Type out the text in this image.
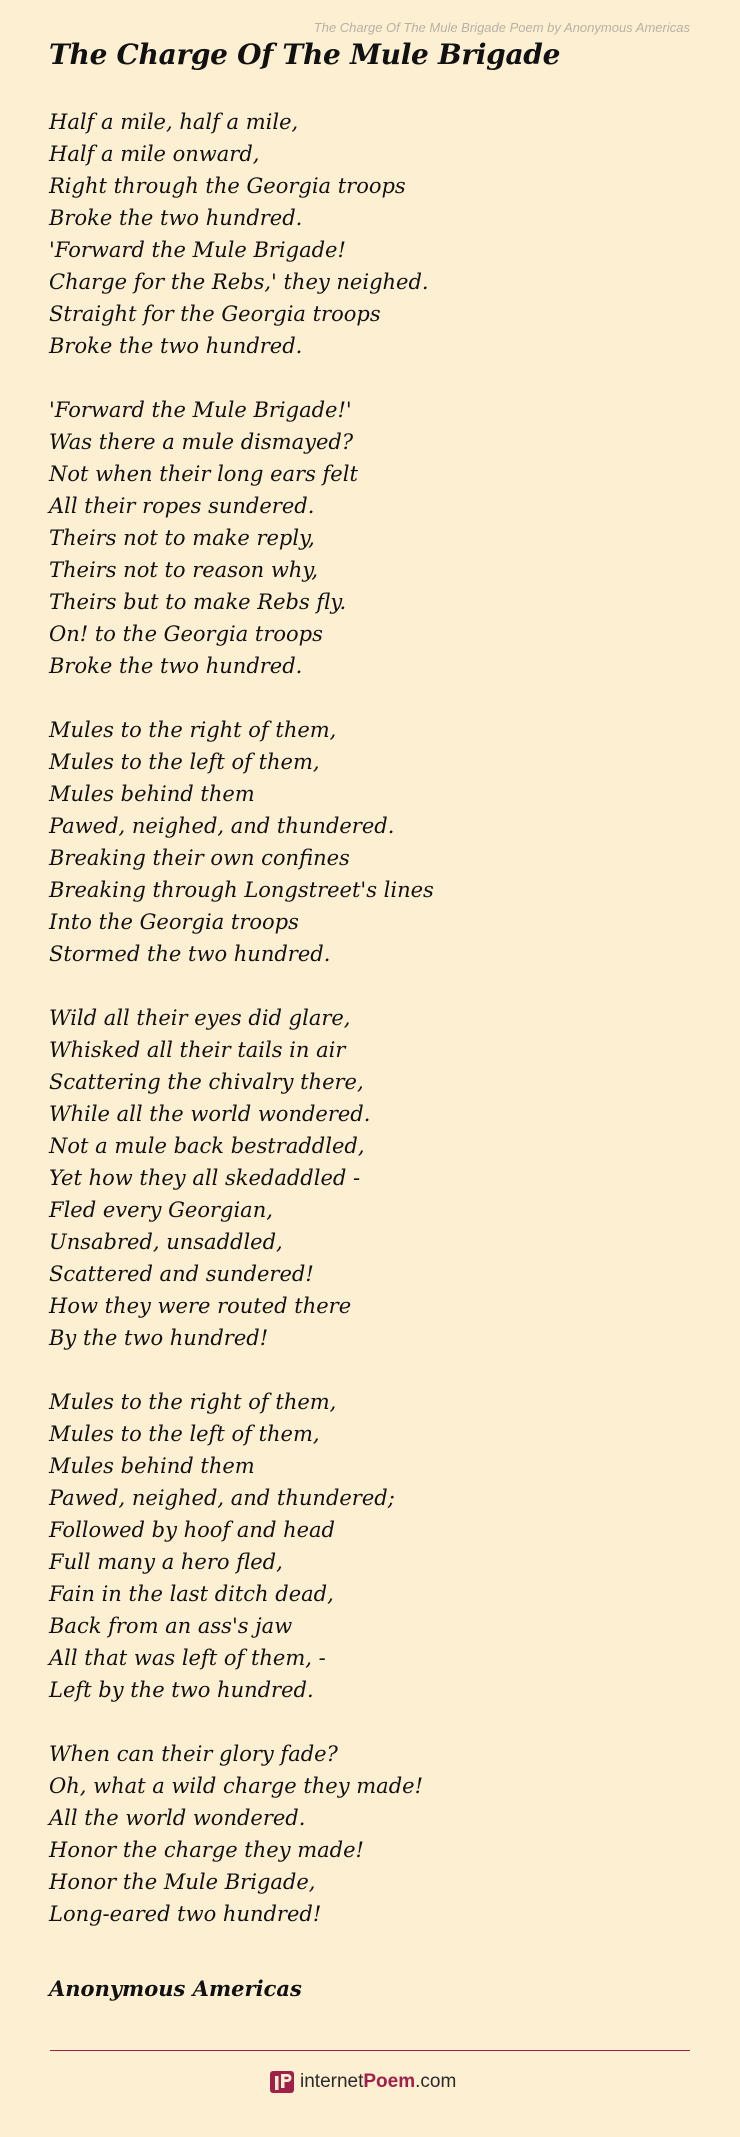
The Charge Of The Mule Brigade Poem by Anonymous Americas
The Charge Of The Mule Brigade
Half a mile, half a mile,
Half a mile onward,
Right through the Georgia troops
Broke the two hundred.
'Forward the Mule Brigade!
Charge for the Rebs,' they neighed.
Straight for the Georgia troops
Broke the two hundred.
'Forward the Mule Brigade!'
Was there a mule dismayed?
Not when their long ears felt
All their ropes sundered.
Theirs not to make reply,
Theirs not to reason why,
Theirs but to make Rebs fly.
On! to the Georgia troops
Broke the two hundred.
Mules to the right of them,
Mules to the left of them,
Mules behind them
Pawed, neighed, and thundered.
Breaking their own confines
Breaking through Longstreet's lines
Into the Georgia troops
Stormed the two hundred.
Wild all their eyes did glare,
Whisked all their tails in air
Scattering the chivalry there,
While all the world wondered.
Not a mule back bestraddled,
Yet how they all skedaddled -
Fled every Georgian,
Unsabred, unsaddled,
Scattered and sundered!
How they were routed there
By the two hundred!
Mules to the right of them,
Mules to the left of them,
Mules behind them
Pawed, neighed, and thundered;
Followed by hoof and head
Full many a hero fled,
Fain in the last ditch dead,
Back from an ass's jaw
All that was left of them, -
Left by the two hundred.
When can their glory fade?
Oh, what a wild charge they made!
All the world wondered.
Honor the charge they made!
Honor the Mule Brigade,
Long-eared two hundred!
Anonymous Americas
internetPoem.com
